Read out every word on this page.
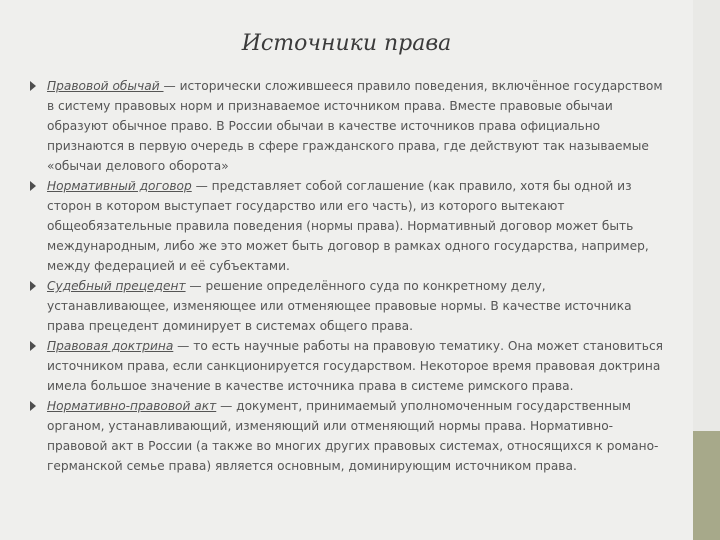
Источники права
Правовой обычай — исторически сложившееся правило поведения, включённое государством в систему правовых норм и признаваемое источником права. Вместе правовые обычаи образуют обычное право. В России обычаи в качестве источников права официально признаются в первую очередь в сфере гражданского права, где действуют так называемые «обычаи делового оборота»
Нормативный договор — представляет собой соглашение (как правило, хотя бы одной из сторон в котором выступает государство или его часть), из которого вытекают общеобязательные правила поведения (нормы права). Нормативный договор может быть международным, либо же это может быть договор в рамках одного государства, например, между федерацией и её субъектами.
Судебный прецедент — решение определённого суда по конкретному делу, устанавливающее, изменяющее или отменяющее правовые нормы. В качестве источника права прецедент доминирует в системах общего права.
Правовая доктрина — то есть научные работы на правовую тематику. Она может становиться источником права, если санкционируется государством. Некоторое время правовая доктрина имела большое значение в качестве источника права в системе римского права.
Нормативно-правовой акт — документ, принимаемый уполномоченным государственным органом, устанавливающий, изменяющий или отменяющий нормы права. Нормативно-правовой акт в России (а также во многих других правовых системах, относящихся к романо-германской семье права) является основным, доминирующим источником права.
